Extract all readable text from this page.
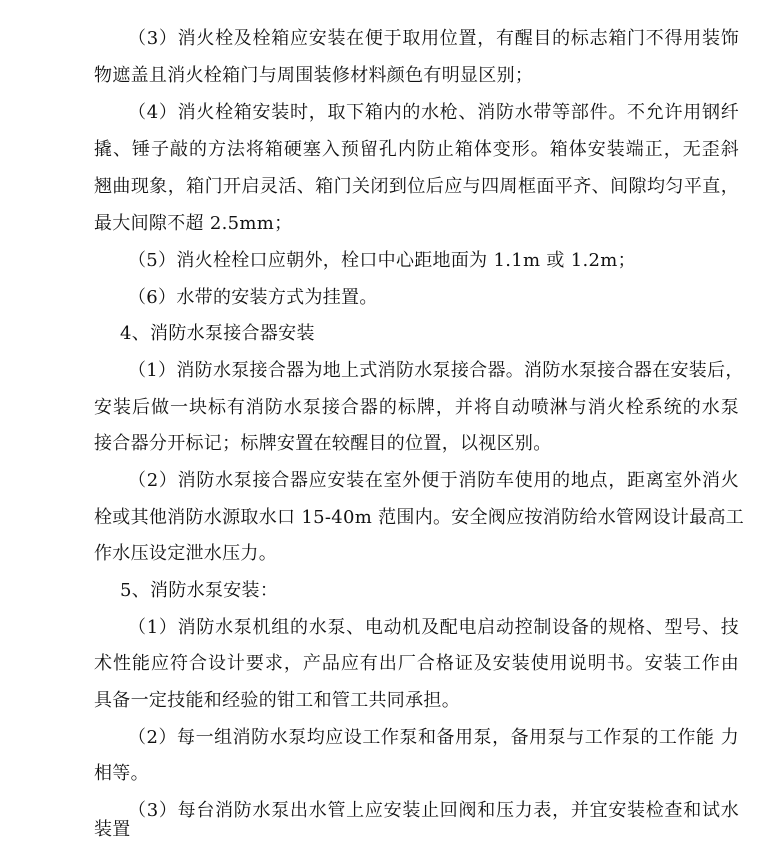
（3）消火栓及栓箱应安装在便于取用位置，有醒目的标志箱门不得用装饰
物遮盖且消火栓箱门与周围装修材料颜色有明显区别；
（4）消火栓箱安装时，取下箱内的水枪、消防水带等部件。不允许用钢纤
撬、锤子敲的方法将箱硬塞入预留孔内防止箱体变形。箱体安装端正，无歪斜
翘曲现象，箱门开启灵活、箱门关闭到位后应与四周框面平齐、间隙均匀平直，
最大间隙不超 2.5mm；
（5）消火栓栓口应朝外，栓口中心距地面为 1.1m 或 1.2m；
（6）水带的安装方式为挂置。
4、消防水泵接合器安装
（1）消防水泵接合器为地上式消防水泵接合器。消防水泵接合器在安装后，
安装后做一块标有消防水泵接合器的标牌，并将自动喷淋与消火栓系统的水泵
接合器分开标记；标牌安置在较醒目的位置，以视区别。
（2）消防水泵接合器应安装在室外便于消防车使用的地点，距离室外消火
栓或其他消防水源取水口 15-40m 范围内。安全阀应按消防给水管网设计最高工
作水压设定泄水压力。
5、消防水泵安装：
（1）消防水泵机组的水泵、电动机及配电启动控制设备的规格、型号、技
术性能应符合设计要求，产品应有出厂合格证及安装使用说明书。安装工作由
具备一定技能和经验的钳工和管工共同承担。
（2）每一组消防水泵均应设工作泵和备用泵，备用泵与工作泵的工作能 力
相等。
（3）每台消防水泵出水管上应安装止回阀和压力表，并宜安装检查和试水
装置
